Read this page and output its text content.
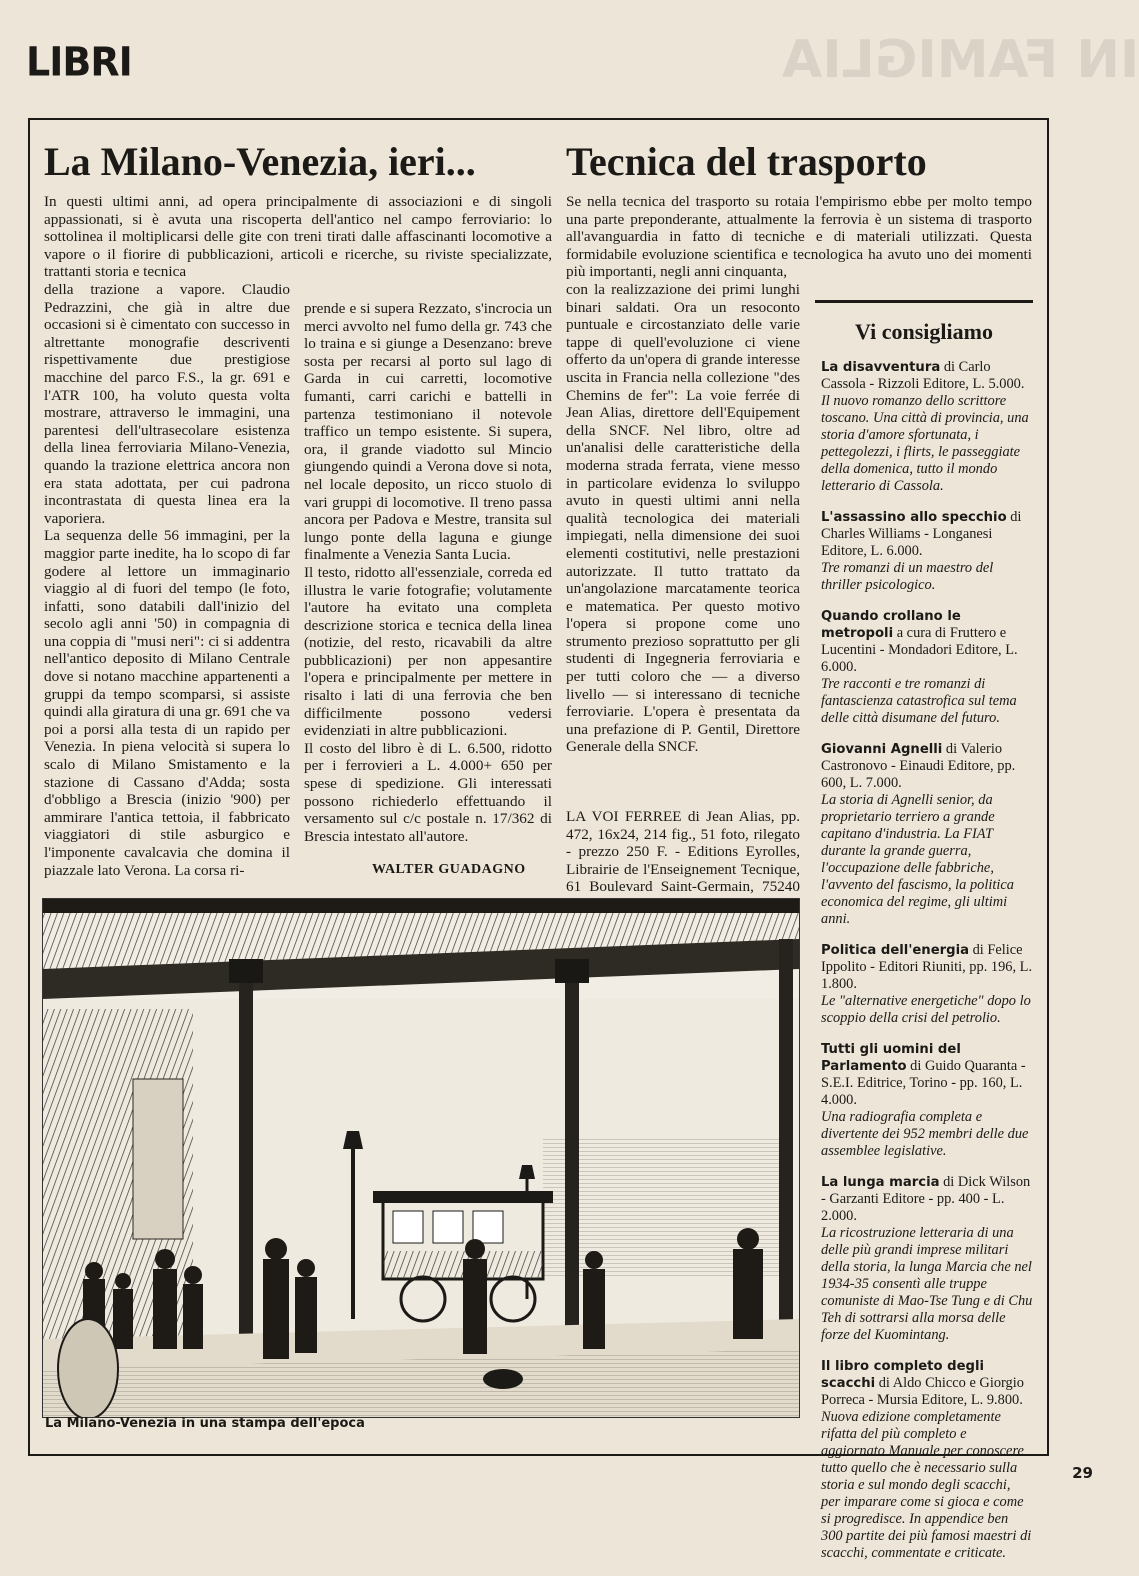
IN FAMIGLIA
LIBRI
La Milano-Venezia, ieri...

In questi ultimi anni, ad opera principalmente di associazioni e di singoli appassionati, si è avuta una riscoperta dell'antico nel campo ferroviario: lo sottolinea il moltiplicarsi delle gite con treni tirati dalle affascinanti locomotive a vapore o il fiorire di pubblicazioni, articoli e ricerche, su riviste specializzate, trattanti storia e tecnica

della trazione a vapore. Claudio Pedrazzini, che già in altre due occasioni si è cimentato con successo in altrettante monografie descriventi rispettivamente due prestigiose macchine del parco F.S., la gr. 691 e l'ATR 100, ha voluto questa volta mostrare, attraverso le immagini, una parentesi dell'ultrasecolare esistenza della linea ferroviaria Milano-Venezia, quando la trazione elettrica ancora non era stata adottata, per cui padrona incontrastata di questa linea era la vaporiera.

La sequenza delle 56 immagini, per la maggior parte inedite, ha lo scopo di far godere al lettore un immaginario viaggio al di fuori del tempo (le foto, infatti, sono databili dall'inizio del secolo agli anni '50) in compagnia di una coppia di "musi neri": ci si addentra nell'antico deposito di Milano Centrale dove si notano macchine appartenenti a gruppi da tempo scomparsi, si assiste quindi alla giratura di una gr. 691 che va poi a porsi alla testa di un rapido per Venezia. In piena velocità si supera lo scalo di Milano Smistamento e la stazione di Cassano d'Adda; sosta d'obbligo a Brescia (inizio '900) per ammirare l'antica tettoia, il fabbricato viaggiatori di stile asburgico e l'imponente cavalcavia che domina il piazzale lato Verona. La corsa ri-

prende e si supera Rezzato, s'incrocia un merci avvolto nel fumo della gr. 743 che lo traina e si giunge a Desenzano: breve sosta per recarsi al porto sul lago di Garda in cui carretti, locomotive fumanti, carri carichi e battelli in partenza testimoniano il notevole traffico un tempo esistente. Si supera, ora, il grande viadotto sul Mincio giungendo quindi a Verona dove si nota, nel locale deposito, un ricco stuolo di vari gruppi di locomotive. Il treno passa ancora per Padova e Mestre, transita sul lungo ponte della laguna e giunge finalmente a Venezia Santa Lucia.

Il testo, ridotto all'essenziale, correda ed illustra le varie fotografie; volutamente l'autore ha evitato una completa descrizione storica e tecnica della linea (notizie, del resto, ricavabili da altre pubblicazioni) per non appesantire l'opera e principalmente per mettere in risalto i lati di una ferrovia che ben difficilmente possono vedersi evidenziati in altre pubblicazioni.

Il costo del libro è di L. 6.500, ridotto per i ferrovieri a L. 4.000+ 650 per spese di spedizione. Gli interessati possono richiederlo effettuando il versamento sul c/c postale n. 17/362 di Brescia intestato all'autore.

WALTER GUADAGNO
Tecnica del trasporto

Se nella tecnica del trasporto su rotaia l'empirismo ebbe per molto tempo una parte preponderante, attualmente la ferrovia è un sistema di trasporto all'avanguardia in fatto di tecniche e di materiali utilizzati. Questa formidabile evoluzione scientifica e tecnologica ha avuto uno dei momenti più importanti, negli anni cinquanta,

con la realizzazione dei primi lunghi binari saldati. Ora un resoconto puntuale e circostanziato delle varie tappe di quell'evoluzione ci viene offerto da un'opera di grande interesse uscita in Francia nella collezione "des Chemins de fer": La voie ferrée di Jean Alias, direttore dell'Equipement della SNCF. Nel libro, oltre ad un'analisi delle caratteristiche della moderna strada ferrata, viene messo in particolare evidenza lo sviluppo avuto in questi ultimi anni nella qualità tecnologica dei materiali impiegati, nella dimensione dei suoi elementi costitutivi, nelle prestazioni autorizzate. Il tutto trattato da un'angolazione marcatamente teorica e matematica. Per questo motivo l'opera si propone come uno strumento prezioso soprattutto per gli studenti di Ingegneria ferroviaria e per tutti coloro che — a diverso livello — si interessano di tecniche ferroviarie. L'opera è presentata da una prefazione di P. Gentil, Direttore Generale della SNCF.

LA VOI FERREE di Jean Alias, pp. 472, 16x24, 214 fig., 51 foto, rilegato - prezzo 250 F. - Editions Eyrolles, Librairie de l'Enseignement Tecnique, 61 Boulevard Saint-Germain, 75240

Vi consigliamo
La disavventura di Carlo Cassola - Rizzoli Editore, L. 5.000.
Il nuovo romanzo dello scrittore toscano. Una città di provincia, una storia d'amore sfortunata, i pettegolezzi, i flirts, le passeggiate della domenica, tutto il mondo letterario di Cassola.
L'assassino allo specchio di Charles Williams - Longanesi Editore, L. 6.000.
Tre romanzi di un maestro del thriller psicologico.
Quando crollano le metropoli a cura di Fruttero e Lucentini - Mondadori Editore, L. 6.000.
Tre racconti e tre romanzi di fantascienza catastrofica sul tema delle città disumane del futuro.
Giovanni Agnelli di Valerio Castronovo - Einaudi Editore, pp. 600, L. 7.000.
La storia di Agnelli senior, da proprietario terriero a grande capitano d'industria. La FIAT durante la grande guerra, l'occupazione delle fabbriche, l'avvento del fascismo, la politica economica del regime, gli ultimi anni.
Politica dell'energia di Felice Ippolito - Editori Riuniti, pp. 196, L. 1.800.
Le "alternative energetiche" dopo lo scoppio della crisi del petrolio.
Tutti gli uomini del Parlamento di Guido Quaranta - S.E.I. Editrice, Torino - pp. 160, L. 4.000.
Una radiografia completa e divertente dei 952 membri delle due assemblee legislative.
La lunga marcia di Dick Wilson - Garzanti Editore - pp. 400 - L. 2.000.
La ricostruzione letteraria di una delle più grandi imprese militari della storia, la lunga Marcia che nel 1934-35 consentì alle truppe comuniste di Mao-Tse Tung e di Chu Teh di sottrarsi alla morsa delle forze del Kuomintang.
Il libro completo degli scacchi di Aldo Chicco e Giorgio Porreca - Mursia Editore, L. 9.800.
Nuova edizione completamente rifatta del più completo e aggiornato Manuale per conoscere tutto quello che è necessario sulla storia e sul mondo degli scacchi, per imparare come si gioca e come si progredisce. In appendice ben 300 partite dei più famosi maestri di scacchi, commentate e criticate.
La Milano-Venezia in una stampa dell'epoca
29
